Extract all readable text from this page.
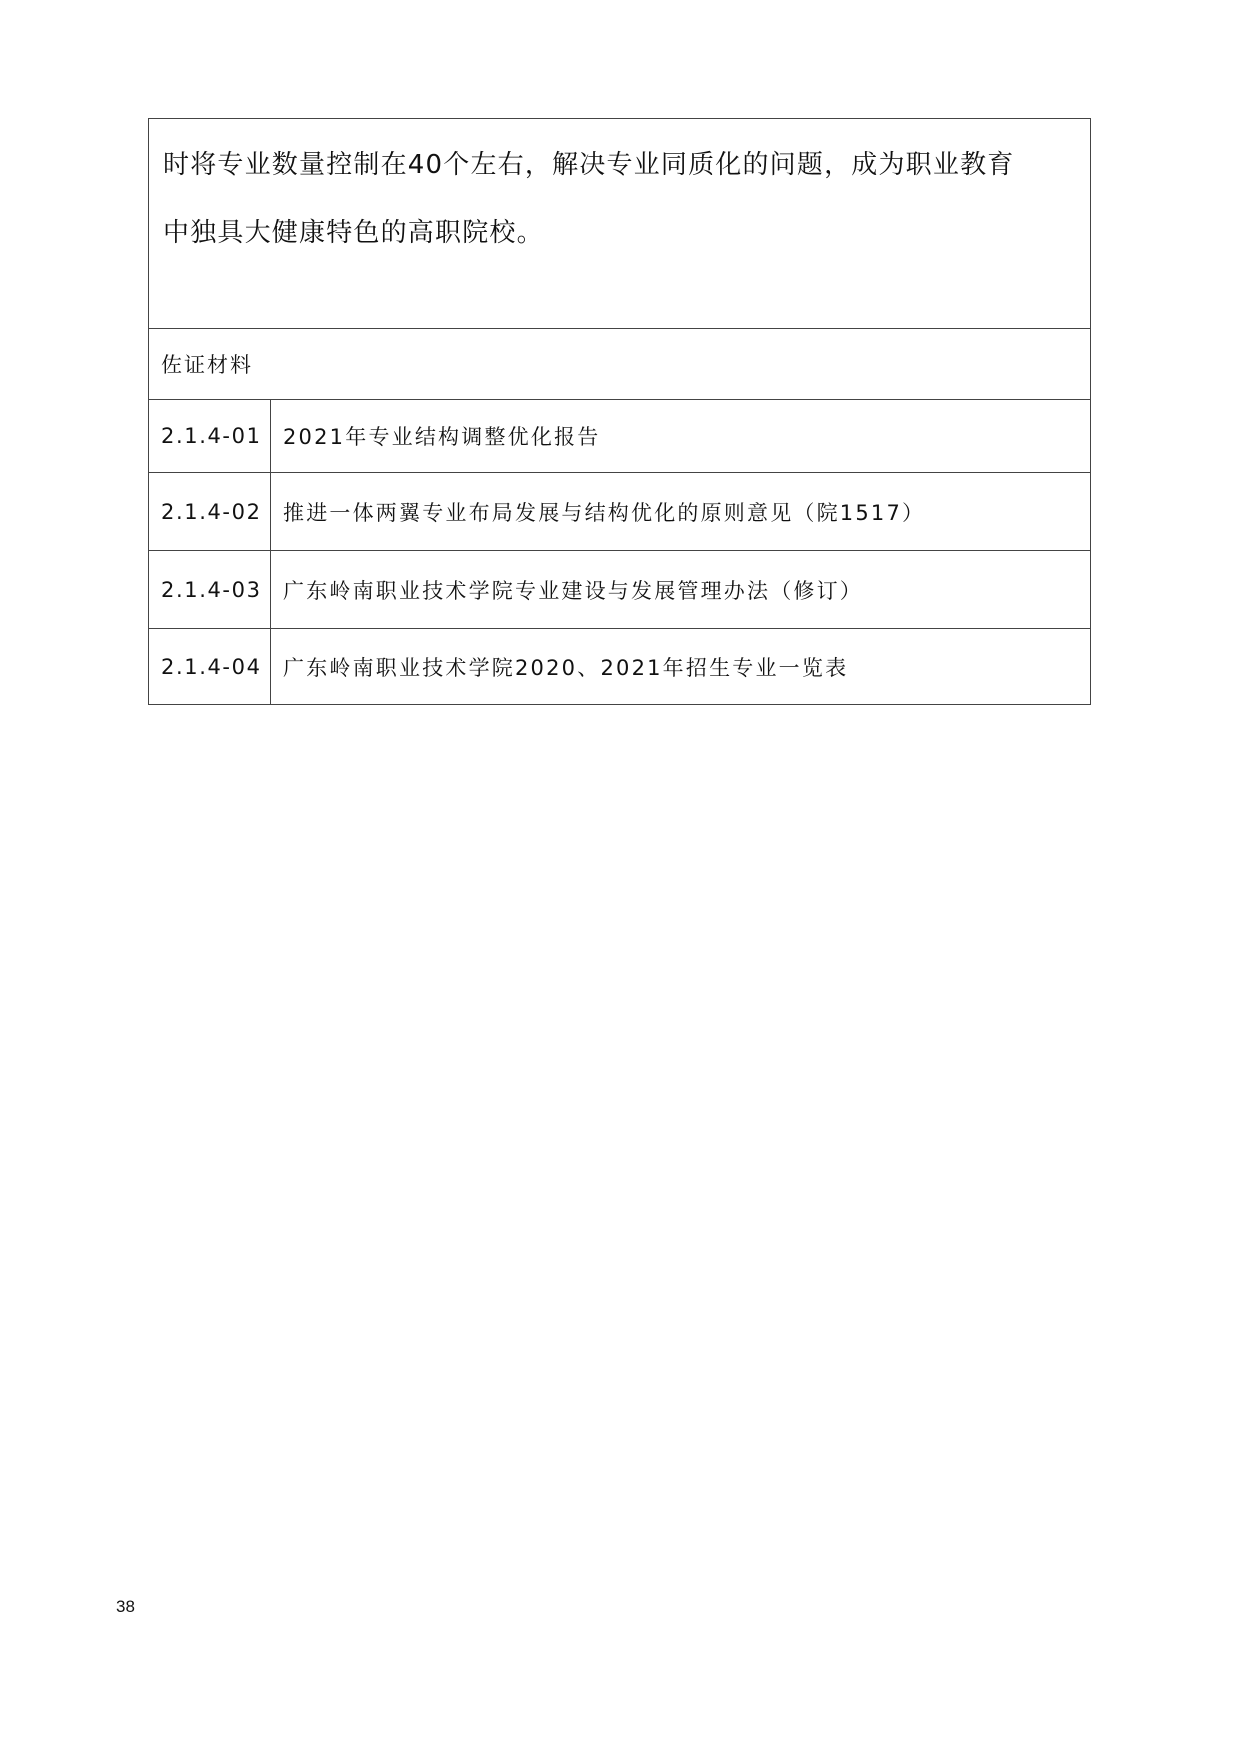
时将专业数量控制在40个左右，解决专业同质化的问题，成为职业教育
中独具大健康特色的高职院校。	

佐证材料	
2.1.4-01	2021年专业结构调整优化报告
2.1.4-02	推进一体两翼专业布局发展与结构优化的原则意见（院1517）
2.1.4-03	广东岭南职业技术学院专业建设与发展管理办法（修订）
2.1.4-04	广东岭南职业技术学院2020、2021年招生专业一览表
38
